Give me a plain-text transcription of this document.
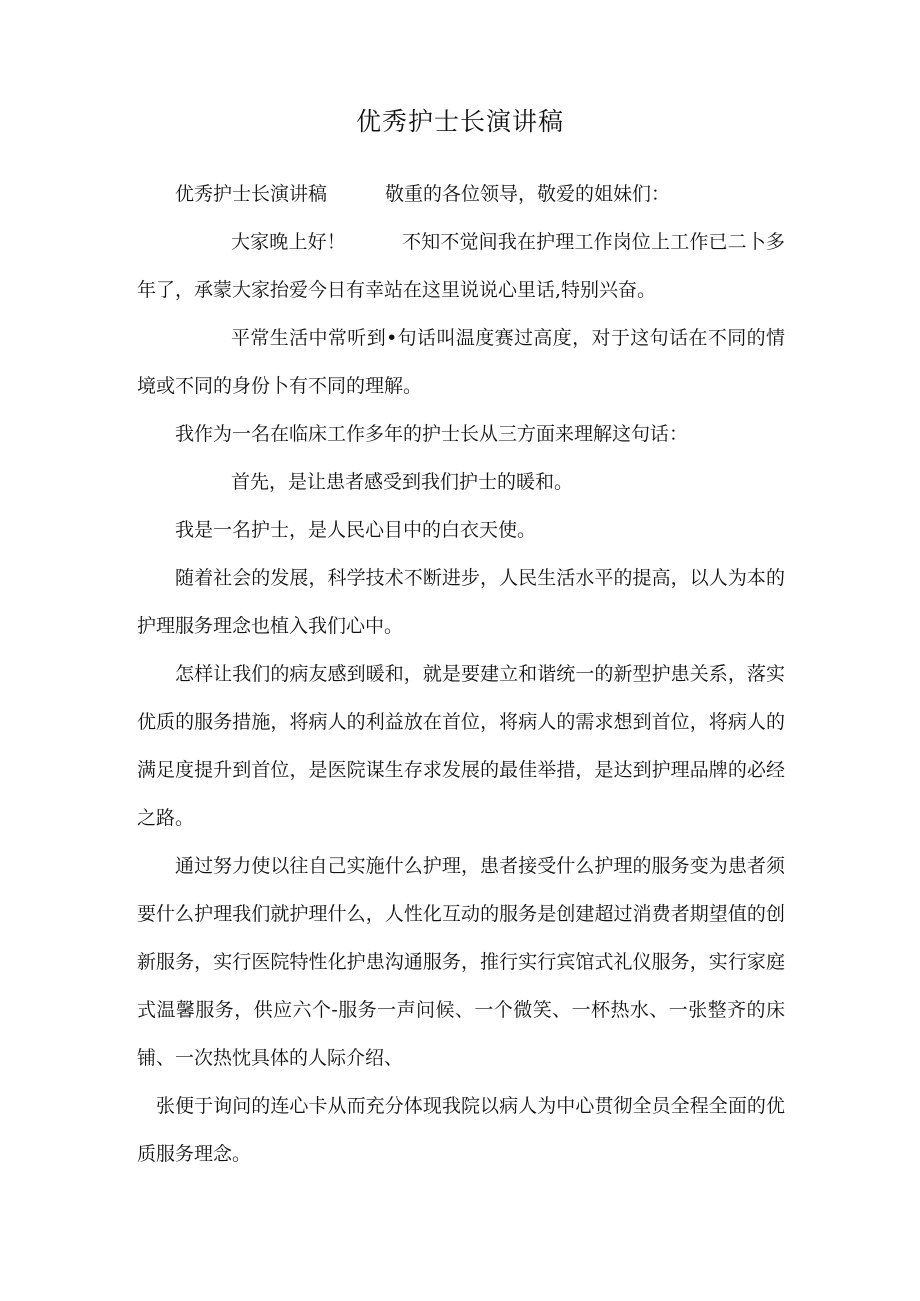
优秀护士长演讲稿

优秀护士长演讲稿	敬重的各位领导，敬爱的姐妹们：

大家晚上好！	不知不觉间我在护理工作岗位上工作已二卜多年了，承蒙大家抬爱今日有幸站在这里说说心里话,特别兴奋。

平常生活中常听到•句话叫温度赛过高度，对于这句话在不同的情境或不同的身份卜有不同的理解。

我作为一名在临床工作多年的护士长从三方面来理解这句话：

首先，是让患者感受到我们护士的暖和。

我是一名护士，是人民心目中的白衣天使。

随着社会的发展，科学技术不断进步，人民生活水平的提高，以人为本的护理服务理念也植入我们心中。

怎样让我们的病友感到暖和，就是要建立和谐统一的新型护患关系，落实优质的服务措施，将病人的利益放在首位，将病人的需求想到首位，将病人的满足度提升到首位，是医院谋生存求发展的最佳举措，是达到护理品牌的必经之路。

通过努力使以往自己实施什么护理，患者接受什么护理的服务变为患者须要什么护理我们就护理什么，人性化互动的服务是创建超过消费者期望值的创新服务，实行医院特性化护患沟通服务，推行实行宾馆式礼仪服务，实行家庭式温馨服务，供应六个-服务一声问候、一个微笑、一杯热水、一张整齐的床铺、一次热忱具体的人际介绍、

张便于询问的连心卡从而充分体现我院以病人为中心贯彻全员全程全面的优质服务理念。
